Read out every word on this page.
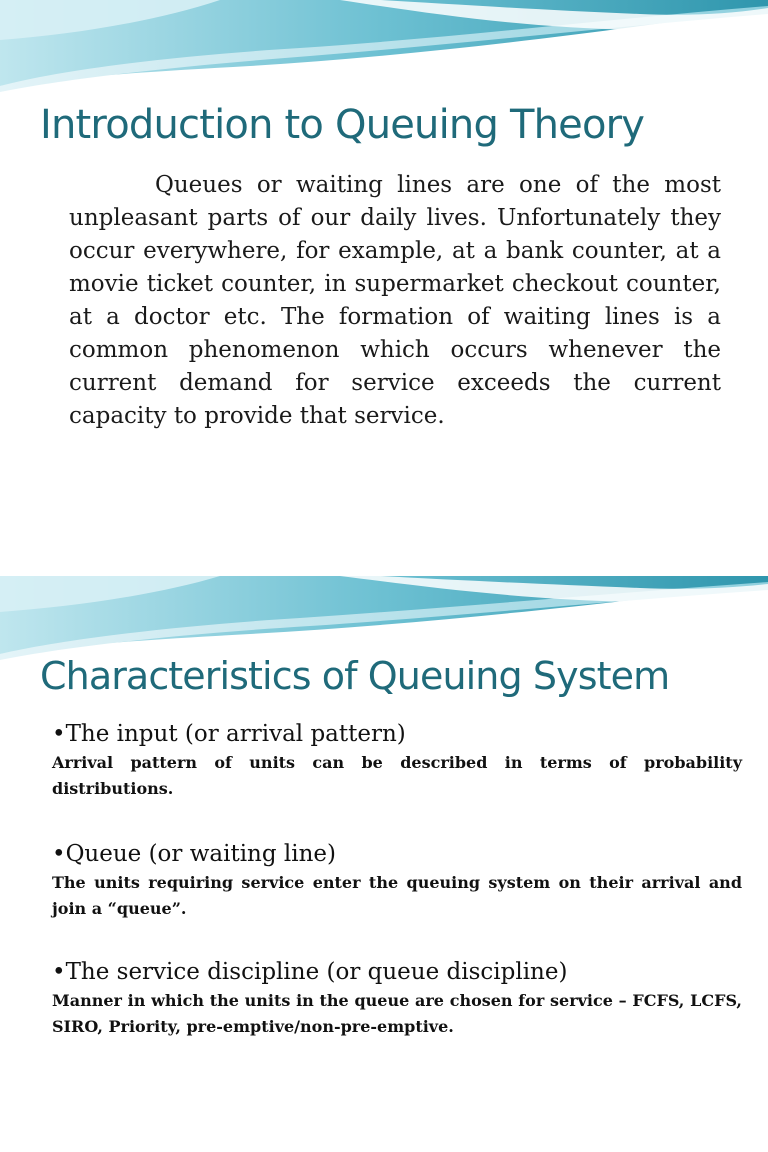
Introduction to Queuing Theory

Queues or waiting lines are one of the most unpleasant parts of our daily lives. Unfortunately they occur everywhere, for example, at a bank counter, at a movie ticket counter, in supermarket checkout counter, at a doctor etc. The formation of waiting lines is a common phenomenon which occurs whenever the current demand for service exceeds the current capacity to provide that service.

Characteristics of Queuing System
•The input (or arrival pattern)
Arrival pattern of units can be described in terms of probability distributions.
•Queue (or waiting line)
The units requiring service enter the queuing system on their arrival and join a “queue”.
•The service discipline (or queue discipline)
Manner in which the units in the queue are chosen for service – FCFS, LCFS, SIRO, Priority, pre-emptive/non-pre-emptive.
